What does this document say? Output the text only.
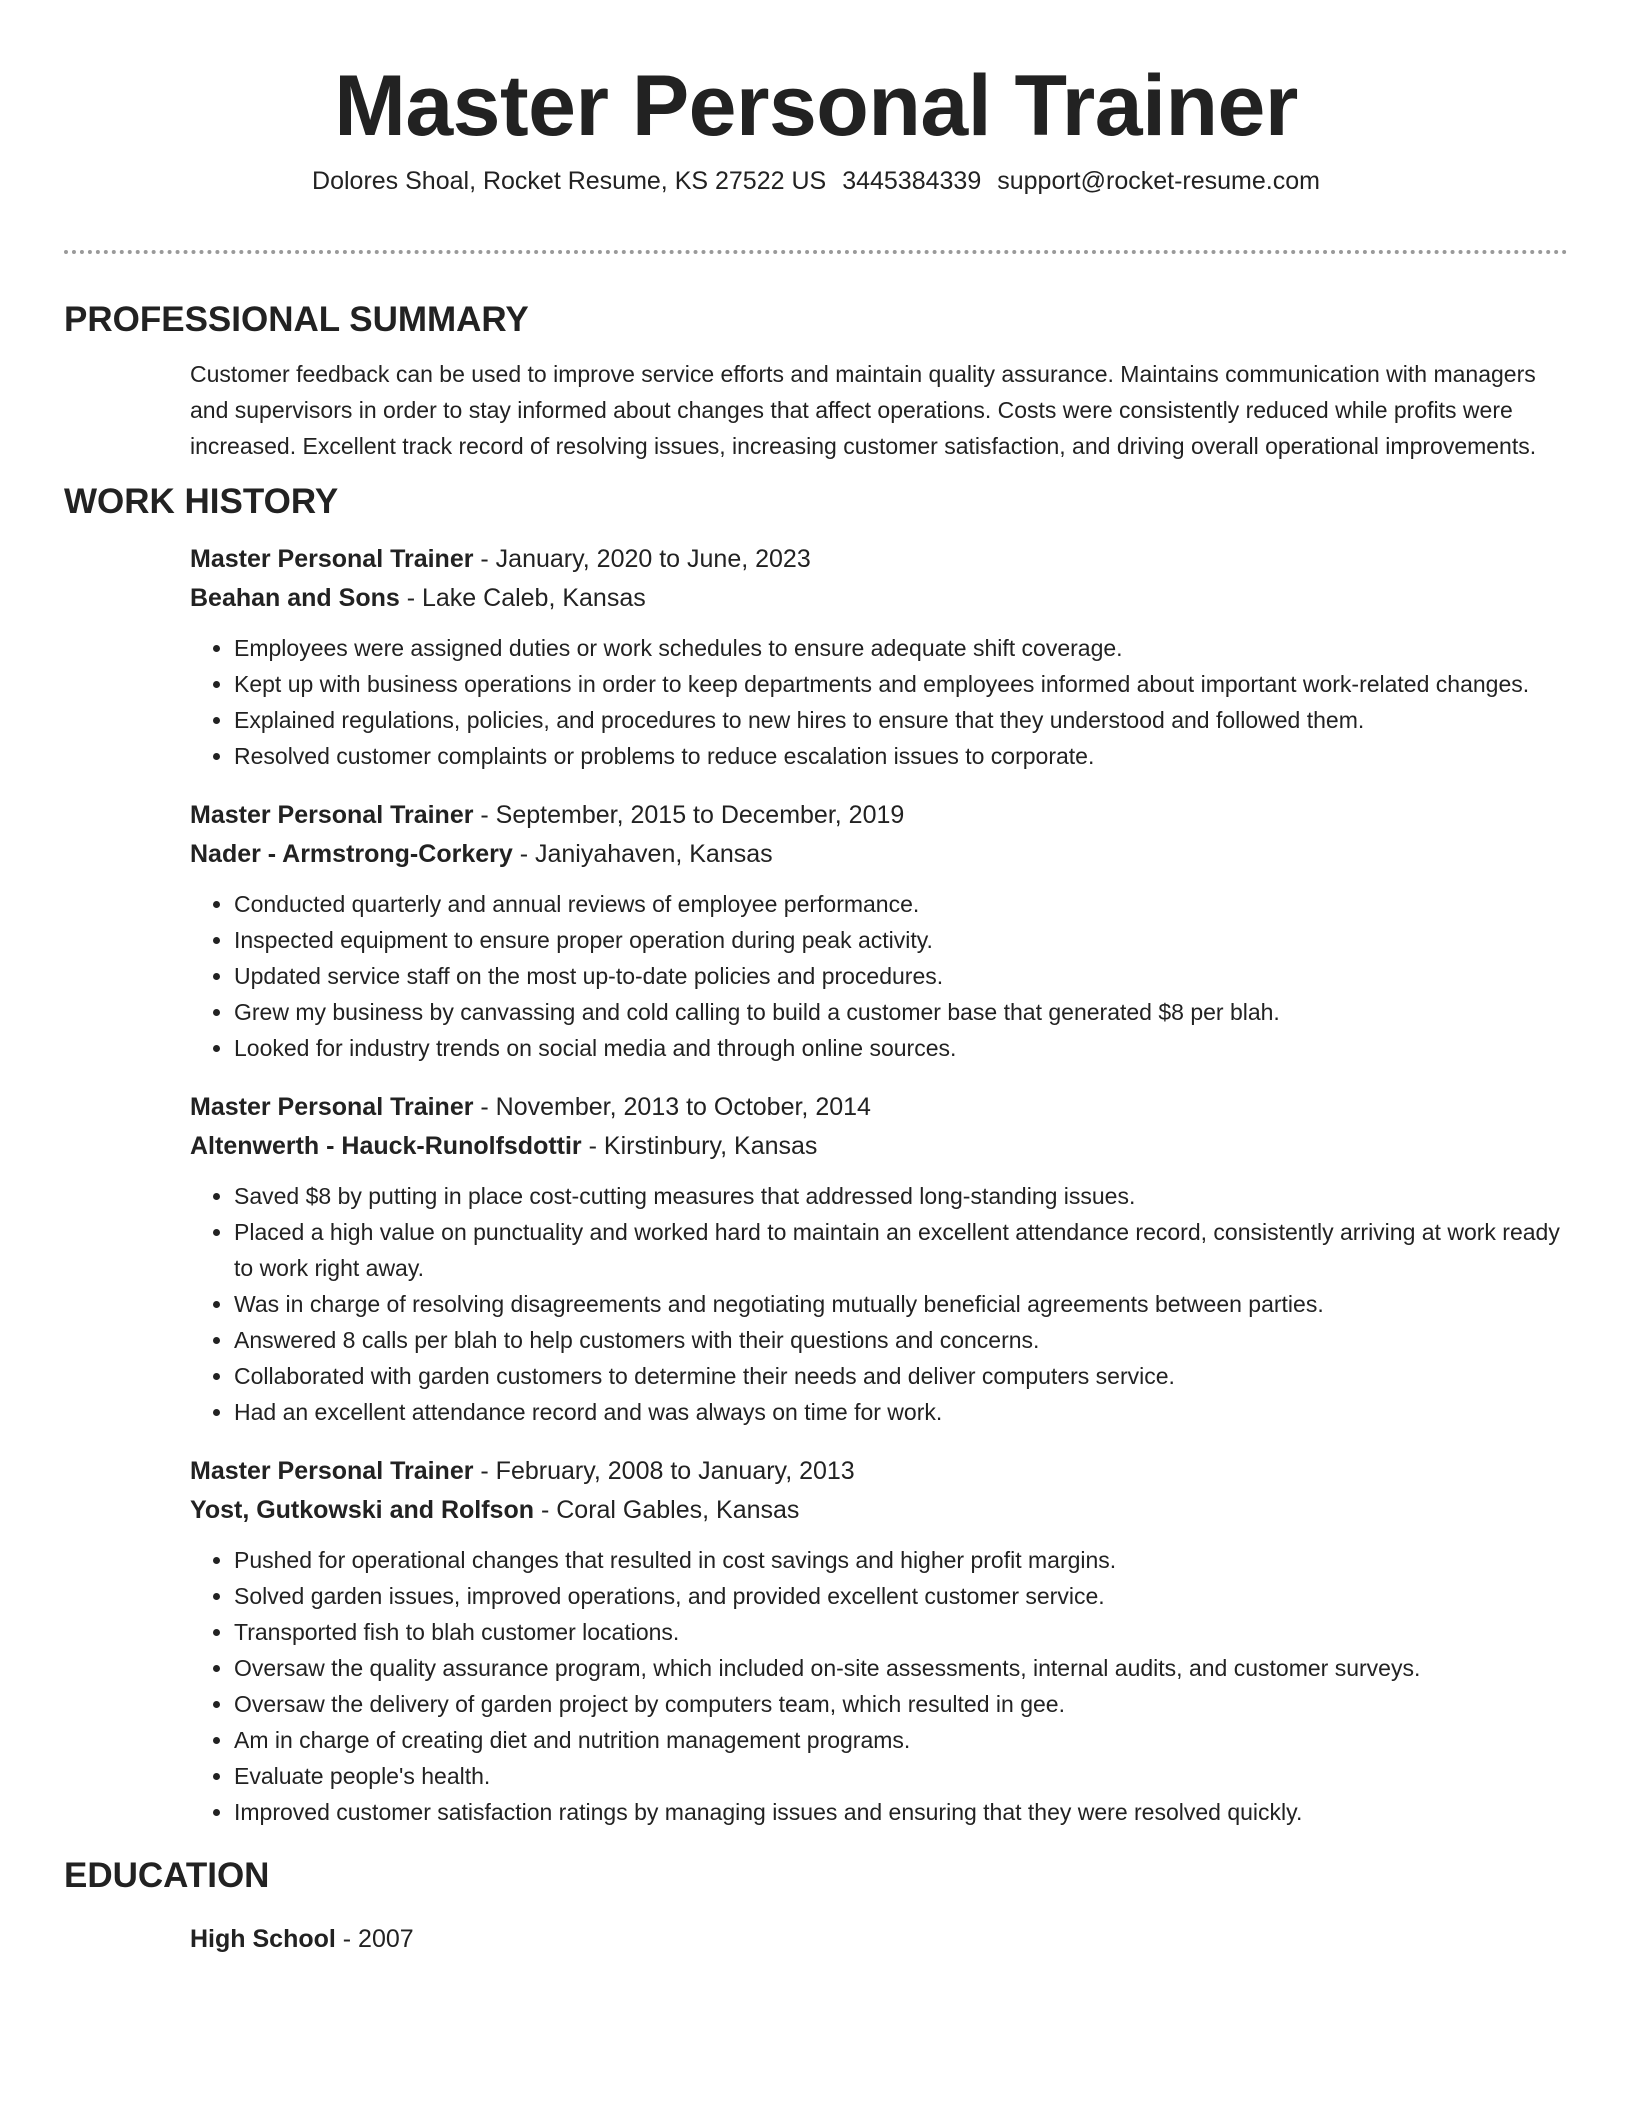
Master Personal Trainer
Dolores Shoal, Rocket Resume, KS 27522 US 3445384339 support@rocket-resume.com
PROFESSIONAL SUMMARY

Customer feedback can be used to improve service efforts and maintain quality assurance. Maintains communication with managers and supervisors in order to stay informed about changes that affect operations. Costs were consistently reduced while profits were increased. Excellent track record of resolving issues, increasing customer satisfaction, and driving overall operational improvements.

WORK HISTORY
Master Personal Trainer - January, 2020 to June, 2023
Beahan and Sons - Lake Caleb, Kansas
• Employees were assigned duties or work schedules to ensure adequate shift coverage.
• Kept up with business operations in order to keep departments and employees informed about important work-related changes.
• Explained regulations, policies, and procedures to new hires to ensure that they understood and followed them.
• Resolved customer complaints or problems to reduce escalation issues to corporate.
Master Personal Trainer - September, 2015 to December, 2019
Nader - Armstrong-Corkery - Janiyahaven, Kansas
• Conducted quarterly and annual reviews of employee performance.
• Inspected equipment to ensure proper operation during peak activity.
• Updated service staff on the most up-to-date policies and procedures.
• Grew my business by canvassing and cold calling to build a customer base that generated $8 per blah.
• Looked for industry trends on social media and through online sources.
Master Personal Trainer - November, 2013 to October, 2014
Altenwerth - Hauck-Runolfsdottir - Kirstinbury, Kansas
• Saved $8 by putting in place cost-cutting measures that addressed long-standing issues.
• Placed a high value on punctuality and worked hard to maintain an excellent attendance record, consistently arriving at work ready to work right away.
• Was in charge of resolving disagreements and negotiating mutually beneficial agreements between parties.
• Answered 8 calls per blah to help customers with their questions and concerns.
• Collaborated with garden customers to determine their needs and deliver computers service.
• Had an excellent attendance record and was always on time for work.
Master Personal Trainer - February, 2008 to January, 2013
Yost, Gutkowski and Rolfson - Coral Gables, Kansas
• Pushed for operational changes that resulted in cost savings and higher profit margins.
• Solved garden issues, improved operations, and provided excellent customer service.
• Transported fish to blah customer locations.
• Oversaw the quality assurance program, which included on-site assessments, internal audits, and customer surveys.
• Oversaw the delivery of garden project by computers team, which resulted in gee.
• Am in charge of creating diet and nutrition management programs.
• Evaluate people's health.
• Improved customer satisfaction ratings by managing issues and ensuring that they were resolved quickly.
EDUCATION
High School - 2007
